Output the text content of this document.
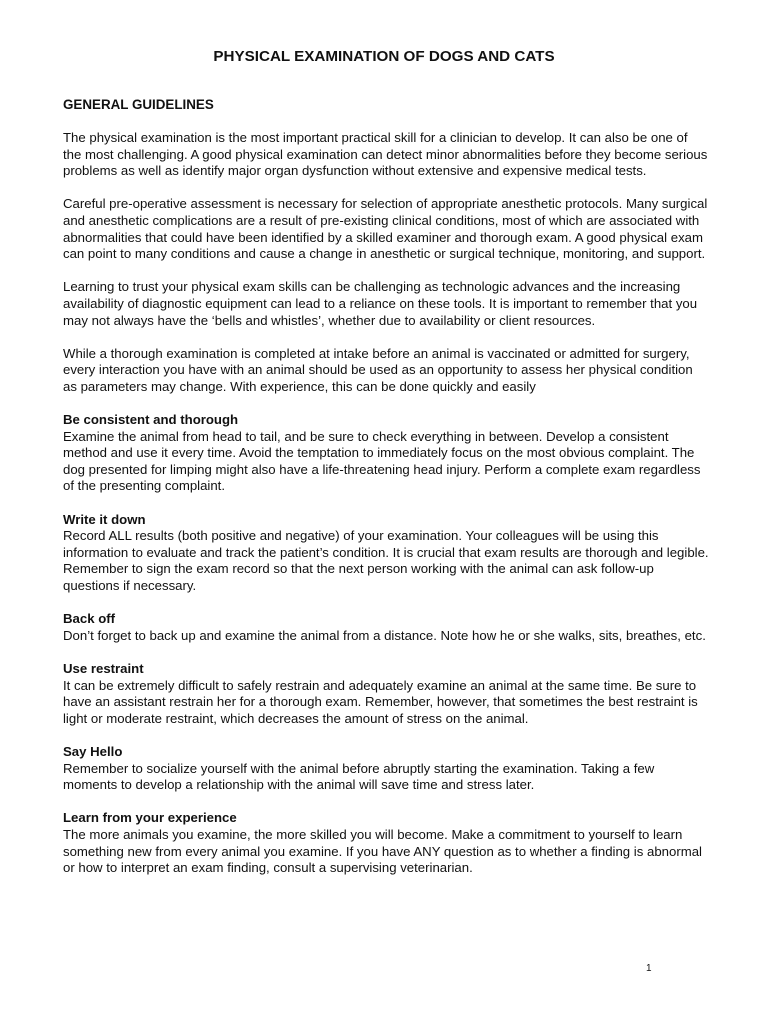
PHYSICAL EXAMINATION OF DOGS AND CATS
GENERAL GUIDELINES

The physical examination is the most important practical skill for a clinician to develop. It can also be one of the most challenging. A good physical examination can detect minor abnormalities before they become serious problems as well as identify major organ dysfunction without extensive and expensive medical tests.

Careful pre-operative assessment is necessary for selection of appropriate anesthetic protocols. Many surgical and anesthetic complications are a result of pre-existing clinical conditions, most of which are associated with abnormalities that could have been identified by a skilled examiner and thorough exam. A good physical exam can point to many conditions and cause a change in anesthetic or surgical technique, monitoring, and support.

Learning to trust your physical exam skills can be challenging as technologic advances and the increasing availability of diagnostic equipment can lead to a reliance on these tools. It is important to remember that you may not always have the ‘bells and whistles’, whether due to availability or client resources.

While a thorough examination is completed at intake before an animal is vaccinated or admitted for surgery, every interaction you have with an animal should be used as an opportunity to assess her physical condition as parameters may change. With experience, this can be done quickly and easily

Be consistent and thorough
Examine the animal from head to tail, and be sure to check everything in between. Develop a consistent method and use it every time. Avoid the temptation to immediately focus on the most obvious complaint. The dog presented for limping might also have a life-threatening head injury. Perform a complete exam regardless of the presenting complaint.
Write it down
Record ALL results (both positive and negative) of your examination. Your colleagues will be using this information to evaluate and track the patient’s condition. It is crucial that exam results are thorough and legible. Remember to sign the exam record so that the next person working with the animal can ask follow-up questions if necessary.
Back off
Don’t forget to back up and examine the animal from a distance. Note how he or she walks, sits, breathes, etc.
Use restraint
It can be extremely difficult to safely restrain and adequately examine an animal at the same time. Be sure to have an assistant restrain her for a thorough exam. Remember, however, that sometimes the best restraint is light or moderate restraint, which decreases the amount of stress on the animal.
Say Hello
Remember to socialize yourself with the animal before abruptly starting the examination. Taking a few moments to develop a relationship with the animal will save time and stress later.
Learn from your experience
The more animals you examine, the more skilled you will become. Make a commitment to yourself to learn something new from every animal you examine. If you have ANY question as to whether a finding is abnormal or how to interpret an exam finding, consult a supervising veterinarian.
1
